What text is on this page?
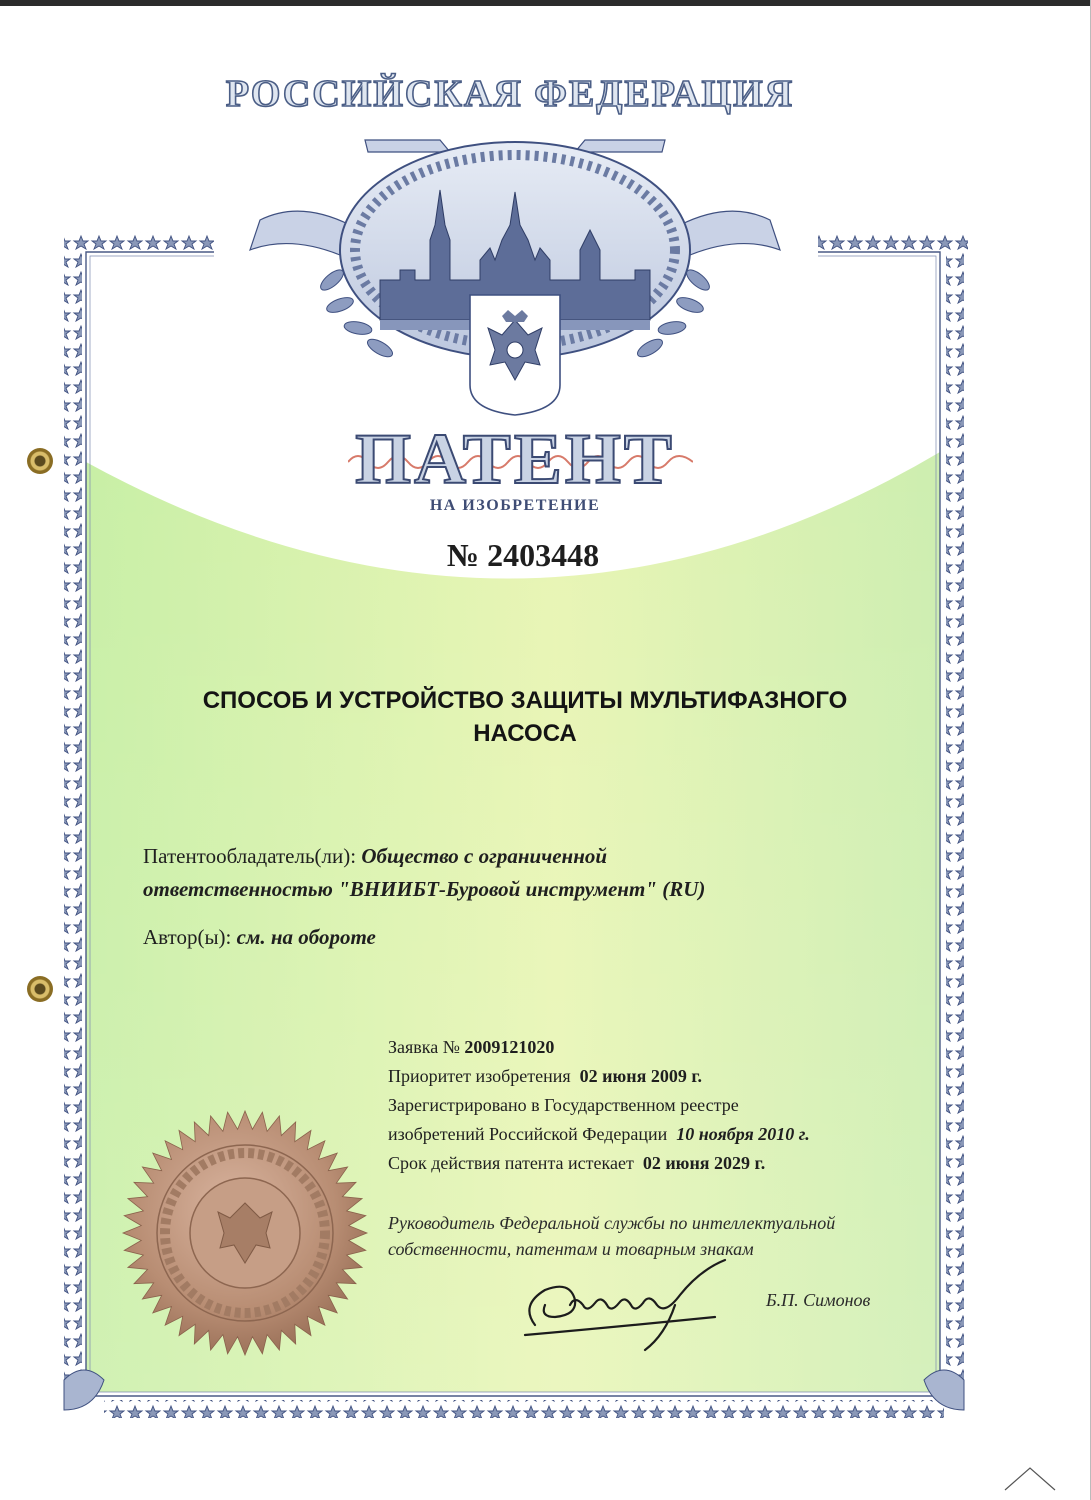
РОССИЙСКАЯ ФЕДЕРАЦИЯ
ПАТЕНТ
НА ИЗОБРЕТЕНИЕ
№ 2403448
СПОСОБ И УСТРОЙСТВО ЗАЩИТЫ МУЛЬТИФАЗНОГО
НАСОСА
Патентообладатель(ли): Общество с ограниченной
ответственностью "ВНИИБТ-Буровой инструмент" (RU)
Автор(ы): см. на обороте
Заявка № 2009121020
Приоритет изобретения 02 июня 2009 г.
Зарегистрировано в Государственном реестре
изобретений Российской Федерации 10 ноября 2010 г.
Срок действия патента истекает 02 июня 2029 г.
Руководитель Федеральной службы по интеллектуальной
собственности, патентам и товарным знакам
Б.П. Симонов
